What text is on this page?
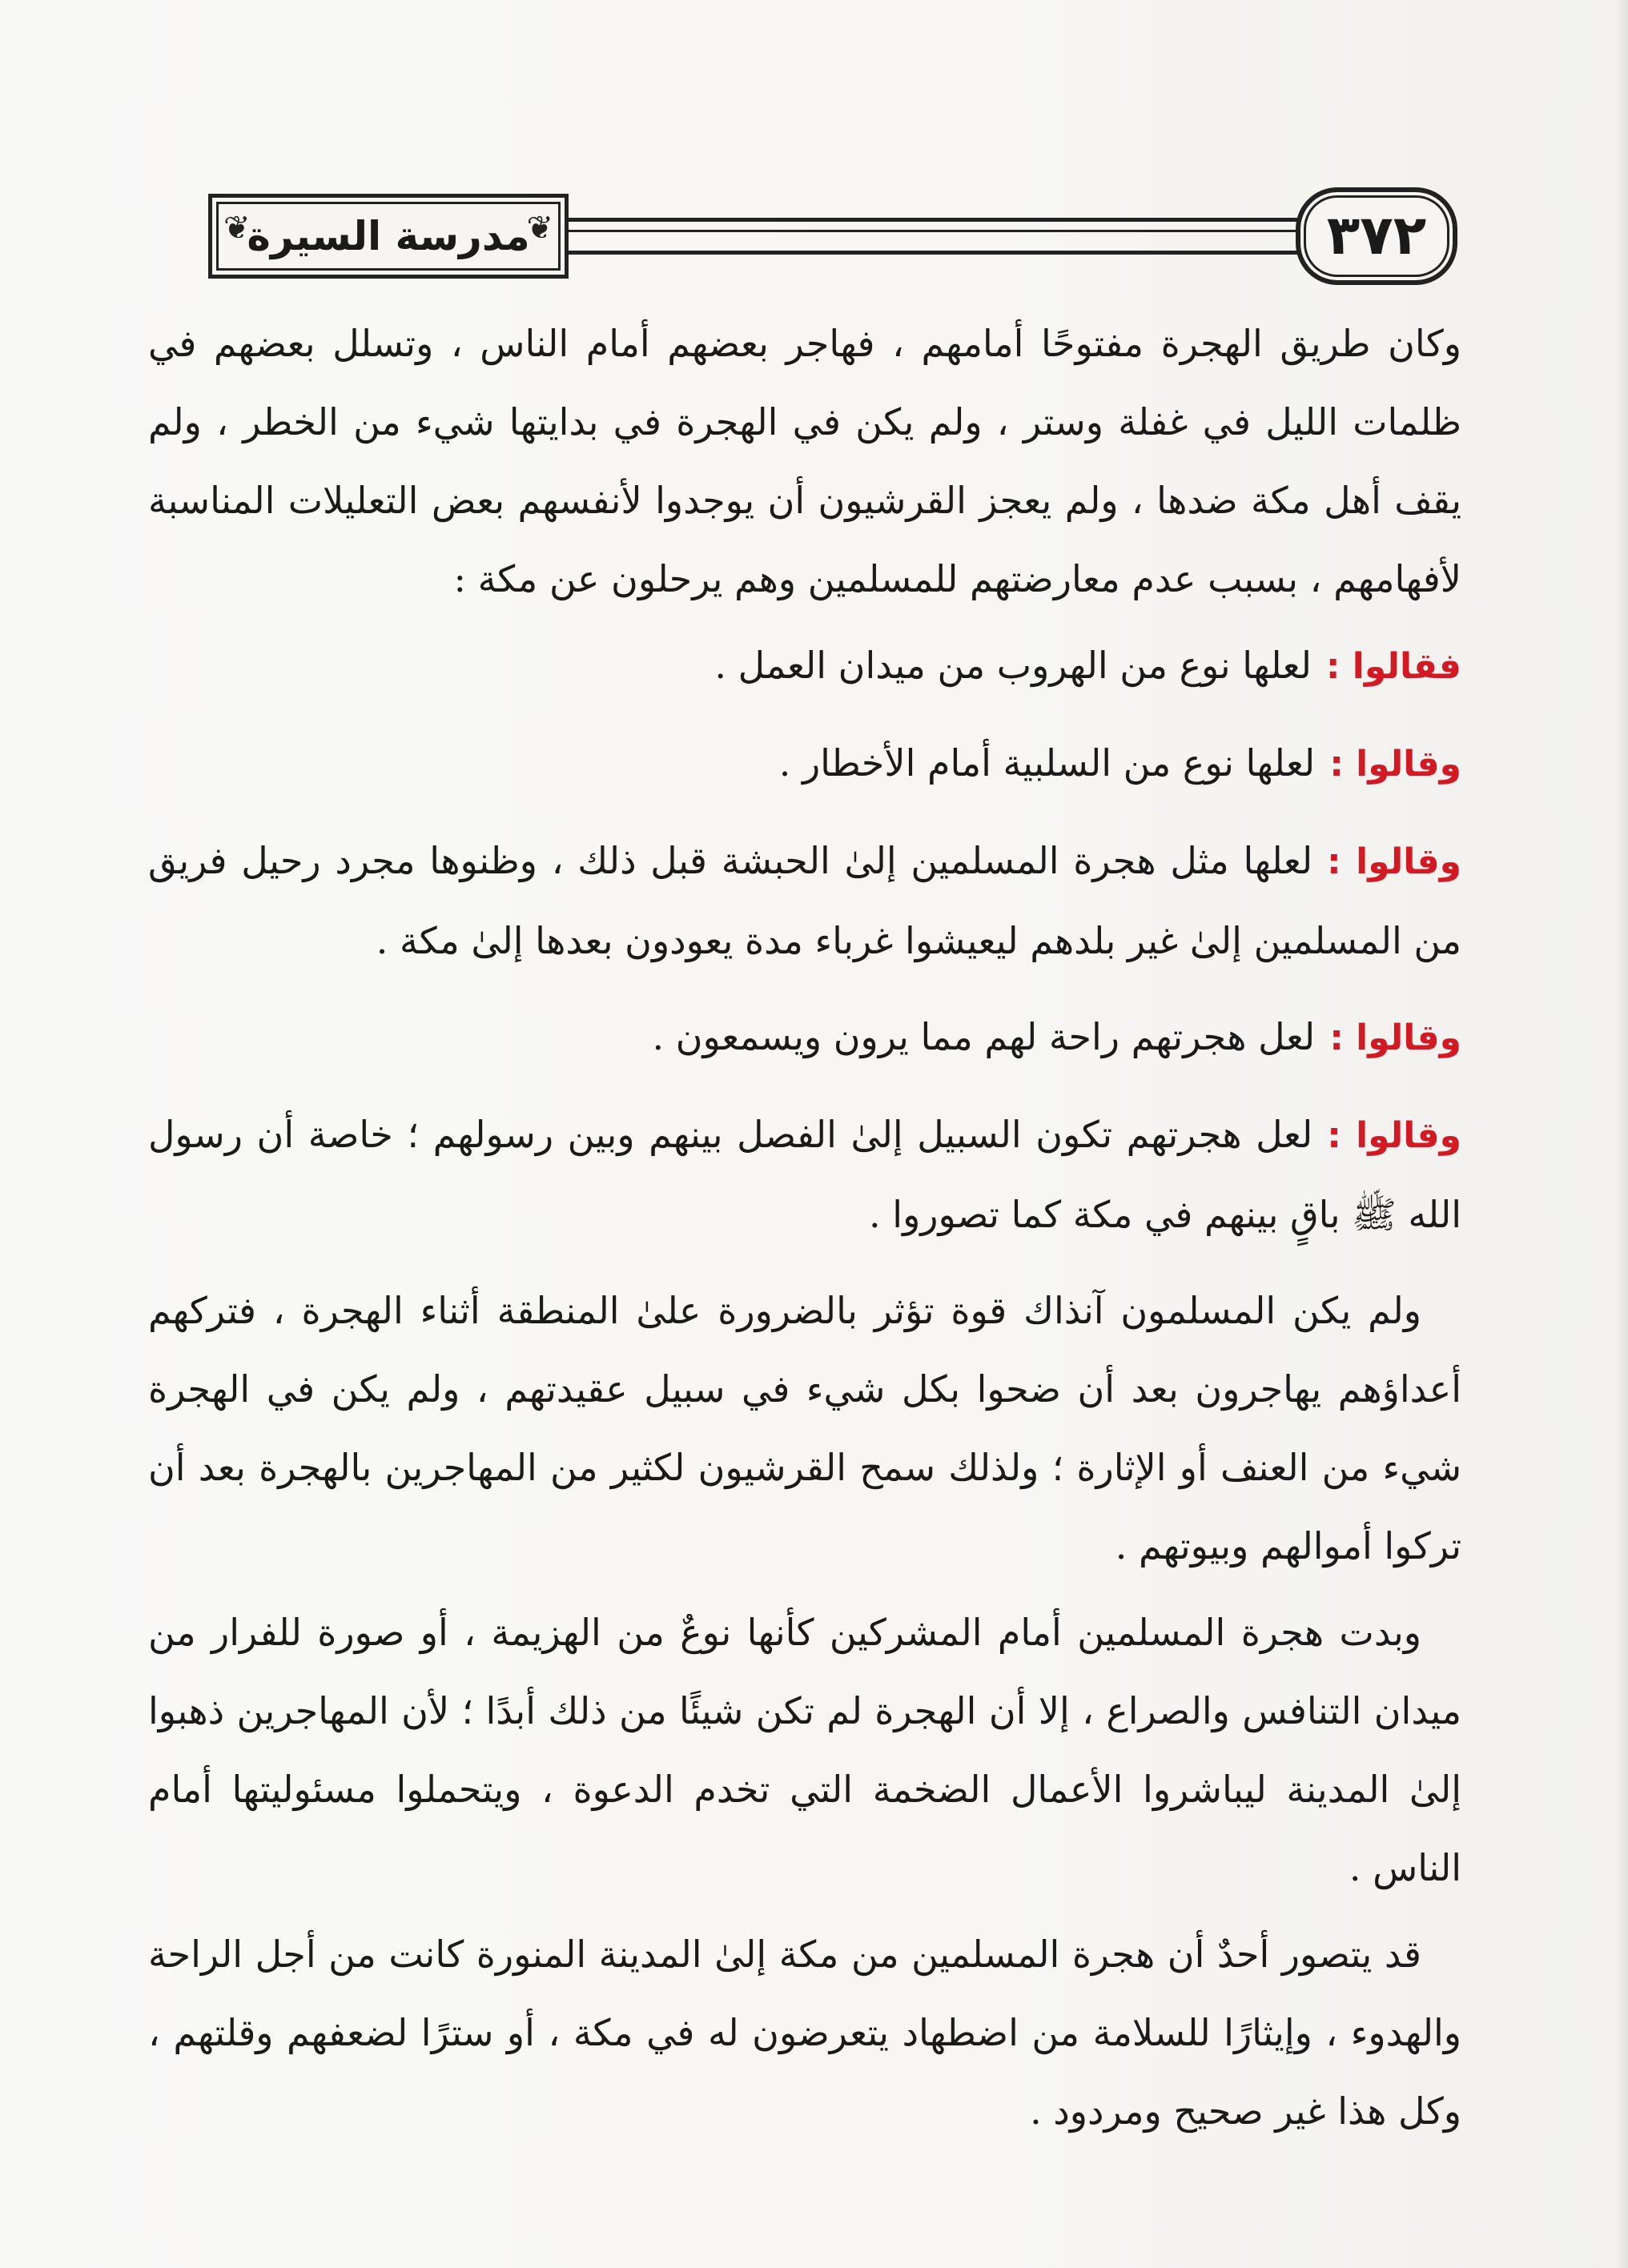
❦
مدرسة السيرة
❦	٣٧٢

وكان طريق الهجرة مفتوحًا أمامهم ، فهاجر بعضهم أمام الناس ، وتسلل بعضهم في ظلمات الليل في غفلة وستر ، ولم يكن في الهجرة في بدايتها شيء من الخطر ، ولم يقف أهل مكة ضدها ، ولم يعجز القرشيون أن يوجدوا لأنفسهم بعض التعليلات المناسبة لأفهامهم ، بسبب عدم معارضتهم للمسلمين وهم يرحلون عن مكة :

فقالوا :لعلها نوع من الهروب من ميدان العمل .

وقالوا :لعلها نوع من السلبية أمام الأخطار .

وقالوا :لعلها مثل هجرة المسلمين إلىٰ الحبشة قبل ذلك ، وظنوها مجرد رحيل فريق من المسلمين إلىٰ غير بلدهم ليعيشوا غرباء مدة يعودون بعدها إلىٰ مكة .

وقالوا :لعل هجرتهم راحة لهم مما يرون ويسمعون .

وقالوا :لعل هجرتهم تكون السبيل إلىٰ الفصل بينهم وبين رسولهم ؛ خاصة أن رسول الله ﷺ باقٍ بينهم في مكة كما تصوروا .

ولم يكن المسلمون آنذاك قوة تؤثر بالضرورة علىٰ المنطقة أثناء الهجرة ، فتركهم أعداؤهم يهاجرون بعد أن ضحوا بكل شيء في سبيل عقيدتهم ، ولم يكن في الهجرة شيء من العنف أو الإثارة ؛ ولذلك سمح القرشيون لكثير من المهاجرين بالهجرة بعد أن تركوا أموالهم وبيوتهم .

وبدت هجرة المسلمين أمام المشركين كأنها نوعٌ من الهزيمة ، أو صورة للفرار من ميدان التنافس والصراع ، إلا أن الهجرة لم تكن شيئًا من ذلك أبدًا ؛ لأن المهاجرين ذهبوا إلىٰ المدينة ليباشروا الأعمال الضخمة التي تخدم الدعوة ، ويتحملوا مسئوليتها أمام الناس .

قد يتصور أحدٌ أن هجرة المسلمين من مكة إلىٰ المدينة المنورة كانت من أجل الراحة والهدوء ، وإيثارًا للسلامة من اضطهاد يتعرضون له في مكة ، أو سترًا لضعفهم وقلتهم ، وكل هذا غير صحيح ومردود .
